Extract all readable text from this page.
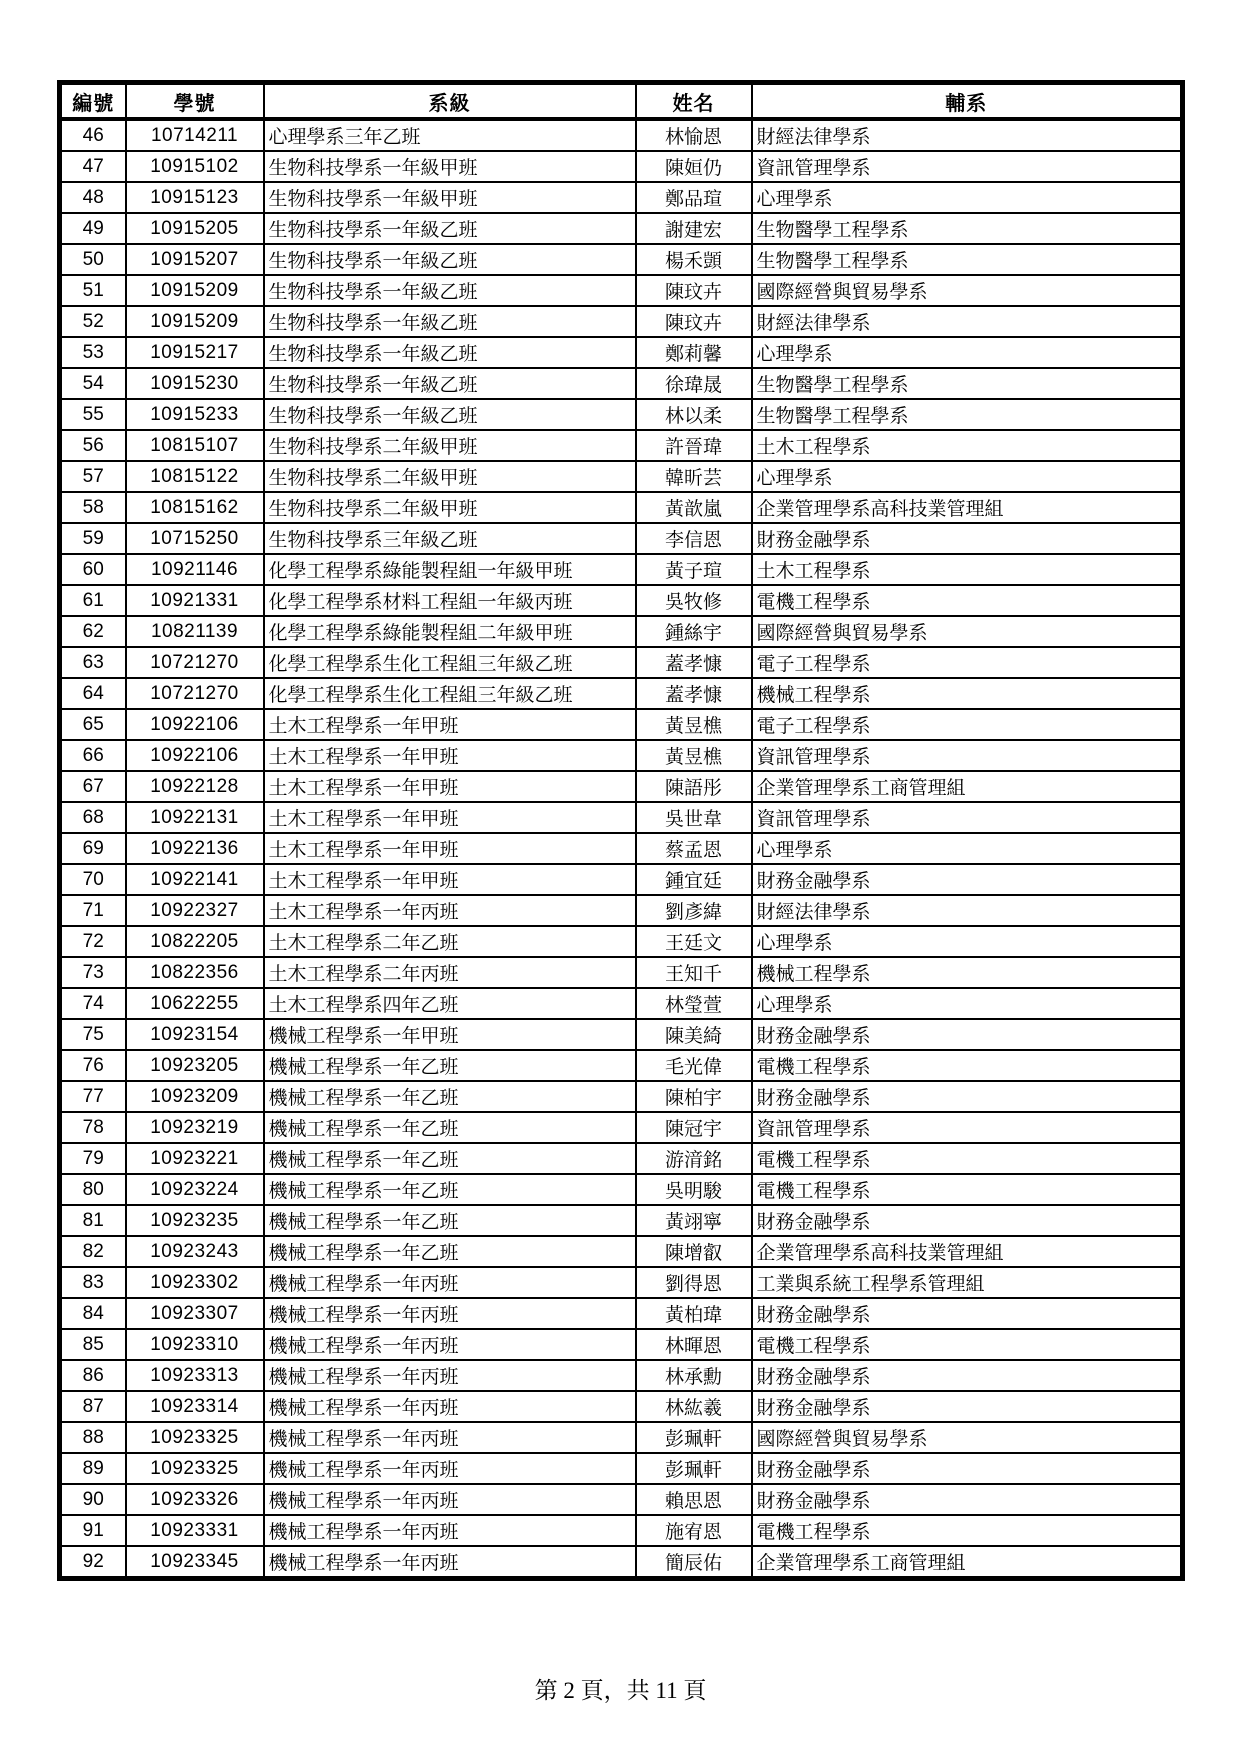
編號	學號	系級	姓名	輔系
46	10714211	心理學系三年乙班	林愉恩	財經法律學系
47	10915102	生物科技學系一年級甲班	陳姮仍	資訊管理學系
48	10915123	生物科技學系一年級甲班	鄭品瑄	心理學系
49	10915205	生物科技學系一年級乙班	謝建宏	生物醫學工程學系
50	10915207	生物科技學系一年級乙班	楊禾顗	生物醫學工程學系
51	10915209	生物科技學系一年級乙班	陳玟卉	國際經營與貿易學系
52	10915209	生物科技學系一年級乙班	陳玟卉	財經法律學系
53	10915217	生物科技學系一年級乙班	鄭莉馨	心理學系
54	10915230	生物科技學系一年級乙班	徐瑋晟	生物醫學工程學系
55	10915233	生物科技學系一年級乙班	林以柔	生物醫學工程學系
56	10815107	生物科技學系二年級甲班	許晉瑋	土木工程學系
57	10815122	生物科技學系二年級甲班	韓昕芸	心理學系
58	10815162	生物科技學系二年級甲班	黃歆嵐	企業管理學系高科技業管理組
59	10715250	生物科技學系三年級乙班	李信恩	財務金融學系
60	10921146	化學工程學系綠能製程組一年級甲班	黃子瑄	土木工程學系
61	10921331	化學工程學系材料工程組一年級丙班	吳牧修	電機工程學系
62	10821139	化學工程學系綠能製程組二年級甲班	鍾絲宇	國際經營與貿易學系
63	10721270	化學工程學系生化工程組三年級乙班	蓋孝慷	電子工程學系
64	10721270	化學工程學系生化工程組三年級乙班	蓋孝慷	機械工程學系
65	10922106	土木工程學系一年甲班	黃昱樵	電子工程學系
66	10922106	土木工程學系一年甲班	黃昱樵	資訊管理學系
67	10922128	土木工程學系一年甲班	陳語彤	企業管理學系工商管理組
68	10922131	土木工程學系一年甲班	吳世韋	資訊管理學系
69	10922136	土木工程學系一年甲班	蔡孟恩	心理學系
70	10922141	土木工程學系一年甲班	鍾宜廷	財務金融學系
71	10922327	土木工程學系一年丙班	劉彥緯	財經法律學系
72	10822205	土木工程學系二年乙班	王廷文	心理學系
73	10822356	土木工程學系二年丙班	王知千	機械工程學系
74	10622255	土木工程學系四年乙班	林瑩萱	心理學系
75	10923154	機械工程學系一年甲班	陳美綺	財務金融學系
76	10923205	機械工程學系一年乙班	毛光偉	電機工程學系
77	10923209	機械工程學系一年乙班	陳柏宇	財務金融學系
78	10923219	機械工程學系一年乙班	陳冠宇	資訊管理學系
79	10923221	機械工程學系一年乙班	游湇銘	電機工程學系
80	10923224	機械工程學系一年乙班	吳明駿	電機工程學系
81	10923235	機械工程學系一年乙班	黃翊寧	財務金融學系
82	10923243	機械工程學系一年乙班	陳增叡	企業管理學系高科技業管理組
83	10923302	機械工程學系一年丙班	劉得恩	工業與系統工程學系管理組
84	10923307	機械工程學系一年丙班	黃柏瑋	財務金融學系
85	10923310	機械工程學系一年丙班	林暉恩	電機工程學系
86	10923313	機械工程學系一年丙班	林承勳	財務金融學系
87	10923314	機械工程學系一年丙班	林紘羲	財務金融學系
88	10923325	機械工程學系一年丙班	彭珮軒	國際經營與貿易學系
89	10923325	機械工程學系一年丙班	彭珮軒	財務金融學系
90	10923326	機械工程學系一年丙班	賴思恩	財務金融學系
91	10923331	機械工程學系一年丙班	施宥恩	電機工程學系
92	10923345	機械工程學系一年丙班	簡辰佑	企業管理學系工商管理組
第 2 頁，共 11 頁
